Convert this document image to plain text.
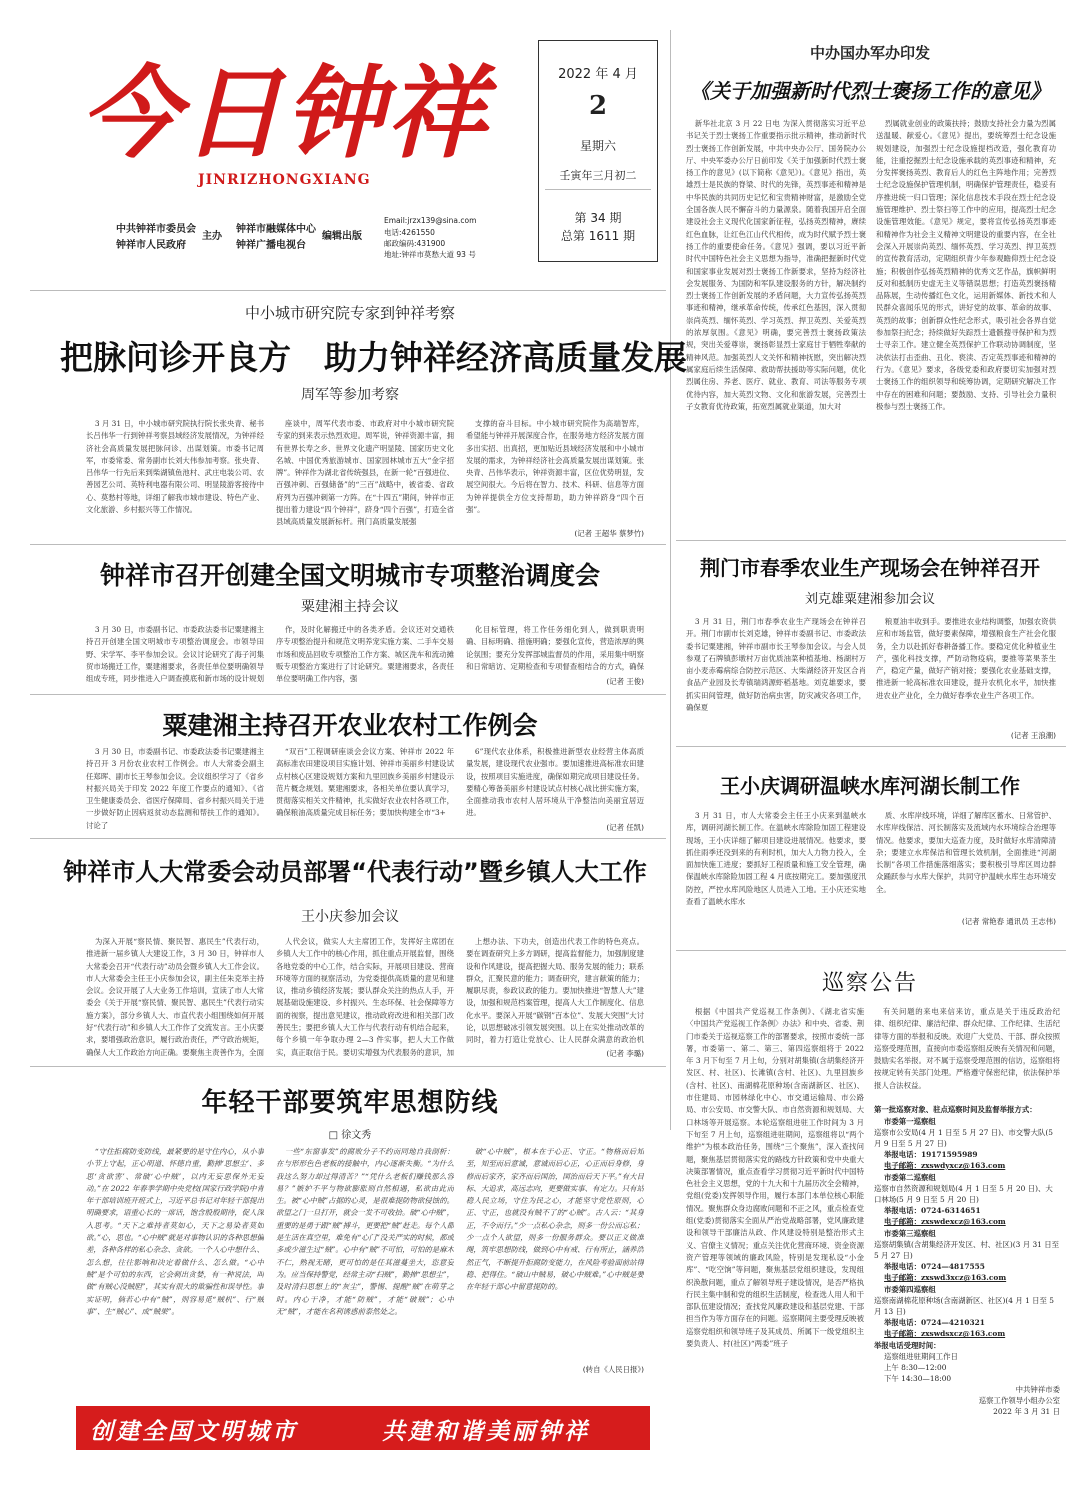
今日钟祥
JINRIZHONGXIANG
中共钟祥市委员会
钟祥市人民政府
主办
钟祥市融媒体中心
钟祥广播电视台
编辑出版
Email:jrzx139@sina.com
电话:4261550
邮政编码:431900
地址:钟祥市莫愁大道 93 号
2022 年 4 月
2
星期六
壬寅年三月初二
第 34 期
总第 1611 期
中办国办军办印发
《关于加强新时代烈士褒扬工作的意见》
新华社北京 3 月 22 日电 为深入贯彻落实习近平总书记关于烈士褒扬工作重要指示批示精神，推动新时代烈士褒扬工作创新发展，中共中央办公厅、国务院办公厅、中央军委办公厅日前印发《关于加强新时代烈士褒扬工作的意见》(以下简称《意见》)。《意见》指出，英雄烈士是民族的脊梁、时代的先锋，英烈事迹和精神是中华民族的共同历史记忆和宝贵精神财富，是激励全党全国各族人民不懈奋斗的力量源泉。随着我国开启全面建设社会主义现代化国家新征程，弘扬英烈精神，赓续红色血脉，让红色江山代代相传，成为时代赋予烈士褒扬工作的重要使命任务。《意见》强调，要以习近平新时代中国特色社会主义思想为指导，准确把握新时代党和国家事业发展对烈士褒扬工作新要求，坚持为经济社会发展服务、为国防和军队建设服务的方针，解决制约烈士褒扬工作创新发展的矛盾问题，大力宣传弘扬英烈事迹和精神，继承革命传统，传承红色基因，深入贯彻崇尚英烈、缅怀英烈、学习英烈、捍卫英烈、关爱英烈的浓厚氛围。《意见》明确，要完善烈士褒扬政策法规，突出关爱尊崇，褒扬彰显烈士家庭甘于牺牲奉献的精神风范。加强英烈人文关怀和精神抚慰，突出解决烈属家庭后续生活保障、救助帮扶援助等实际问题，优化烈属住房、养老、医疗、就业、教育、司法等服务专项优待内容，加大英烈文物、文化和旅游发展，完善烈士子女教育优待政策，拓宽烈属就业渠道，加大对
烈属就业创业的政策扶持；鼓励支持社会力量为烈属送温暖、献爱心。《意见》提出，要统筹烈士纪念设施规划建设，加强烈士纪念设施提档改造，强化教育功能，注重挖掘烈士纪念设施承载的英烈事迹和精神，充分发挥褒扬英烈、教育后人的红色主阵地作用；完善烈士纪念设施保护管理机制，明确保护管理责任，稳妥有序推进统一归口管理；深化信息技术手段在烈士纪念设施管理维护、烈士祭扫等工作中的应用，提高烈士纪念设施管理效能。《意见》规定，要将宣传弘扬英烈事迹和精神作为社会主义精神文明建设的重要内容，在全社会深入开展崇尚英烈、缅怀英烈、学习英烈、捍卫英烈的宣传教育活动，定期组织青少年参观瞻仰烈士纪念设施；积极创作弘扬英烈精神的优秀文艺作品，旗帜鲜明反对和抵制历史虚无主义等错误思想；打造英烈褒扬精品陈展，生动传播红色文化，运用新媒体、新技术和人民群众喜闻乐见的形式，讲好党的故事、革命的故事、英烈的故事；创新群众性纪念形式，吸引社会各界自觉参加祭扫纪念；持续做好失踪烈士遗骸搜寻保护和为烈士寻亲工作。建立健全英烈保护工作联动协调制度，坚决依法打击歪曲、丑化、亵渎、否定英烈事迹和精神的行为。《意见》要求，各级党委和政府要切实加强对烈士褒扬工作的组织领导和统筹协调，定期研究解决工作中存在的困难和问题；要鼓励、支持、引导社会力量积极参与烈士褒扬工作。
中小城市研究院专家到钟祥考察
把脉问诊开良方　助力钟祥经济高质量发展
周军等参加考察
3 月 31 日，中小城市研究院执行院长张央青、秘书长吕伟华一行到钟祥考察县域经济发展情况，为钟祥经济社会高质量发展把脉问诊、出谋划策。市委书记周军，市委常委、常务副市长刘大伟参加考察。张央青、吕伟华一行先后来到柴湖镇鱼池村、武庄电装公司、农善园艺公司、英特利电器有限公司、明显陵游客接待中心、莫愁村等地，详细了解我市城市建设、特色产业、文化旅游、乡村振兴等工作情况。
座谈中，周军代表市委、市政府对中小城市研究院专家的到来表示热烈欢迎。周军说，钟祥资源丰富，拥有世界长寿之乡、世界文化遗产明显陵、国家历史文化名城、中国优秀旅游城市、国家园林城市五大“金字招牌”。钟祥作为湖北省传统强县，在新一轮“百强进位、百强冲刺、百强储备”的“三百”战略中，被省委、省政府列为百强冲刺第一方阵。在“十四五”期间，钟祥市正提出着力建设“四个钟祥”，跻身“四个百强”，打造全省县域高质量发展新标杆。荆门高质量发展强
支撑的奋斗目标。中小城市研究院作为高端智库，希望能与钟祥开展深度合作，在服务地方经济发展方面多出实招、出真招，更加贴近县域经济发展和中小城市发展的需求，为钟祥经济社会高质量发展出谋划策。张央青、吕伟华表示，钟祥资源丰富，区位优势明显，发展空间很大。今后将在智力、技术、科研、信息等方面为钟祥提供全方位支持帮助，助力钟祥跻身“四个百强”。
(记者 王超华 蔡梦竹)
钟祥市召开创建全国文明城市专项整治调度会
粟建湘主持会议
3 月 30 日，市委副书记、市委政法委书记粟建湘主持召开创建全国文明城市专项整治调度会。市领导田野、宋学军、李平参加会议。会议讨论研究了海子河集贸市场搬迁工作，粟建湘要求，各责任单位要明确领导组成专班，同步推进入户调查摸底和新市场的设计规划
作，及时化解搬迁中的各类矛盾。会议还对交通秩序专项整治提升和规范文明养宠实施方案、二手车交易市场和废品回收专项整治工作方案、城区洗车和流动摊贩专项整治方案进行了讨论研究。粟建湘要求，各责任单位要明确工作内容，强
化目标管理，将工作任务细化到人，做到职责明确、目标明确、措施明确；要强化宣传，营造浓厚的舆论氛围；要充分发挥部城监督员的作用，采用集中明察和日常暗访、定期检查和专项督查相结合的方式，确保
(记者 王俊)
粟建湘主持召开农业农村工作例会
3 月 30 日，市委副书记、市委政法委书记粟建湘主持召开 3 月份农业农村工作例会。市人大常委会副主任郑晖、副市长王琴参加会议。会议组织学习了《省乡村振兴局关于印发 2022 年度工作要点的通知》、《省卫生健康委员会、省医疗保障局、省乡村振兴局关于进一步做好防止因病返贫动态监测和帮扶工作的通知》。讨论了
“双百”工程调研座谈会会议方案、钟祥市 2022 年高标准农田建设项目实施计划、钟祥市美丽乡村建设试点村核心区建设规划方案和九里回族乡美丽乡村建设示范片概念规划。粟建湘要求，各相关单位要认真学习，贯彻落实相关文件精神，扎实做好农业农村各项工作，确保粮油高质量完成目标任务；要加快构建全市“3+
6”现代农业体系，积极推进新型农业经营主体高质量发展，建设现代农业强市。要加速推进高标准农田建设，按照项目实施进度，确保如期完成项目建设任务。要精心筹备美丽乡村建设试点村核心战比拼实施方案，全面推动我市农村人居环境从干净整洁向美丽宜居迈进。
(记者 任凯)
钟祥市人大常委会动员部署“代表行动”暨乡镇人大工作
王小庆参加会议
为深入开展“察民情、聚民智、惠民生”代表行动，推进新一届乡镇人大建设工作，3 月 30 日，钟祥市人大常委会召开“代表行动”动员会暨乡镇人大工作会议。市人大常委会主任王小庆参加会议，副主任朱克举主持会议。会议开展了人大业务工作培训，宣读了市人大常委会《关于开展“察民情、聚民智、惠民生”代表行动实施方案》，部分乡镇人大、市直代表小组围绕如何开展好“代表行动”和乡镇人大工作作了交流发言。王小庆要求，要增强政治意识，履行政治责任，严守政治规矩，确保人大工作政治方向正确。要聚焦主责善作为，全面
人代会议，做实人大主席团工作，发挥好主席团在乡镇人大工作中的核心作用，抓住重点开展监督，围绕各地党委的中心工作，结合实际，开展项目建设、营商环境等方面的视察活动，为党委提供高质量的意见和建议，推动乡镇经济发展；要认群众关注的热点人手，开展基础设施建设、乡村振兴、生态环保、社会保障等方面的视察，提出意见建议，推动政府改进和相关部门改善民生；要把乡镇人大工作与代表行动有机结合起来，每个乡镇一年争取办理 2—3 件实事，把人大工作做实，真正取信于民。要切实增强为代表服务的意识，加
上想办法、下功夫，创造出代表工作的特色亮点。要在调查研究上多方调研，提高监督能力，加强制度建设和作风建设，提高把握大局、服务发展的能力；联系群众，汇聚民意的能力；调查研究，建言献策的能力；履职尽责，参政议政的能力。要加快推进“智慧人大”建设，加强和规范档案管理，提高人大工作制度化、信息化水平。要深入开展“碳钢”百本位”、发展大突围”大讨论，以思想破冰引领发展突围。以上在实处推动改革的同时，着力打造让党放心、让人民群众满意的政治机
(记者 李璐)
年轻干部要筑牢思想防线
□ 徐文秀
“守住拒腐防变防线，最紧要的是守住内心，从小事小节上守起，正心明道、怀德自重，勤掸‘思想尘’、多思‘贪欲害’、常破‘心中贼’，以内无妄思保外无妄动。”在 2022 年春季学期中央党校(国家行政学院)中青年干部培训班开班式上，习近平总书记对年轻干部提出明确要求，语重心长的一席话，饱含殷殷期待，促人深入思考。“天下之难持者莫如心，天下之易染者莫如欲。”心，思也。“心中贼”就是对事物认识的各种思想偏差，各种各样的私心杂念、贪欲。一个人心中想什么、怎么想，往往影响和决定着做什么、怎么做。“心中贼”是个可怕的东西，它会刺出贪婪，有一种说法，叫做“有贼心没贼胆”，其实有很大的欺骗性和误导性。事实证明，倘若心中有“贼”，则容易觅“贼机”、行“贼事”、生“贼心”、成“贼果”。
一些“东窗事发”的腐败分子不约而同地自我剖析：在与形形色色老板的接触中，内心逐渐失衡。“为什么我这么努力却过得清苦？”“凭什么老板们赚钱那么容易？”嫉妒不平与物欲膨胀则自然相遇，私欲由此而生。被“心中贼”占据的心灵，是很难提防物欲侵蚀的。欲望之门一旦打开，就会一发不可收拾。破“心中贼”，重要的是勇于跟“贼”搏斗，更要把“贼”赶走。每个人都是生活在真空里，难免有“心门”没关严实的时候，都或多或少滋生过“贼”。心中有“贼”不可怕，可怕的是麻木不仁，熟视无睹，更可怕的是任其滋蔓坐大，恣意妄为。应当保持警觉，经常主动“扫贼”，勤掸“思想尘”，及时清扫思想上的“灰尘”，警惕、提醒“贼”在萌芽之时。内心干净，才能“防贼”，才能“破贼”；心中无“贼”，才能在名利诱惑前泰然处之。
破“心中贼”，根本在于心正、守正。“物格而后知至，知至而后意诚，意诚而后心正，心正而后身修，身修而后家齐，家齐而后国治，国治而后天下平。”有大目标、大追求，高远志向，更要做实事、有定力。只有站稳人民立场，守住为民之心，才能坚守党性原则，心正、守正，也就没有贼不了的“心贼”。古人云：“其身正，不令而行。”少一点私心杂念，则多一份公而忘私；少一点个人欲望，则多一份服务群众。要以正义做准绳，筑牢思想防线，做到心中有戒、行有所止，涵养浩然正气，不断提升拒腐防变能力，在风险考验面前站得稳、把得住。“破山中贼易，破心中贼难。”心中贼是要在年轻干部心中留意提防的。
(转自《人民日报》)
荆门市春季农业生产现场会在钟祥召开
刘克雄粟建湘参加会议
3 月 31 日，荆门市春季农业生产现场会在钟祥召开。荆门市副市长刘克雄，钟祥市委副书记、市委政法委书记粟建湘，钟祥市副市长王琴参加会议。与会人员参观了石牌镇彭墩村万亩优质油菜种植基地、杨湖村万亩小麦赤霉病综合防控示范区、大柴湖经济开发区合肖食品产业园及长寿镇瑞鸿源虾稻基地。刘克雄要求，要抓实田间管理，做好防治病虫害，防灾减灾各项工作，确保夏
粮夏油丰收到手。要推进农业结构调整，加强农资供应和市场监管，做好要素保障，增强粮食生产社会化服务，全力以赴抓好春耕备播工作。要稳定优化种植业生产，强化科技支撑，严防动物疫病，要推等菜果茶生产，稳定产量，做好产销对接；要强化农业基础支撑，推进新一轮高标准农田建设，提升农机化水平，加快推进农业产业化，全力做好春季农业生产各项工作。
(记者 王浪潮)
王小庆调研温峡水库河湖长制工作
3 月 31 日，市人大常委会主任王小庆来到温峡水库，调研河湖长制工作。在温峡水库除险加固工程建设现场，王小庆详细了解项目建设进展情况。他要求，要抓住雨季还没到来的有利时机，加大人力物力投入，全面加快施工进度；要抓好工程质量和施工安全管理，确保温峡水库除险加固工程 4 月底按期完工。要加强度汛防控，严控水库风险地区人员进入工地。王小庆还实地查看了温峡水库水
质、水库岸线环境，详细了解库区蓄水、日常管护、水库岸线保洁、河长制落实及流域内水环境综合治理等情况。他要求，要加大巡查力度，及时做好水库清障清杂；要建立水库保洁和管理长效机制，全面推进“河湖长制”各项工作措施落细落实；要积极引导库区周边群众踊跃参与水库大保护，共同守护温峡水库生态环境安全。
(记者 常艳春 通讯员 王志伟)
巡察公告
根据《中国共产党巡视工作条例》、《湖北省实施〈中国共产党巡视工作条例〉办法》和中央、省委、荆门市委关于巡视巡察工作的部署要求，按照市委统一部署，市委第一、第二、第三、第四巡察组将于 2022 年 3 月下旬至 7 月上旬，分别对胡集镇(含胡集经济开发区、村、社区)、长滩镇(含村、社区)、九里回族乡(含村、社区)、南湖棉花原种场(含南湖新区、社区)、市住建局、市园林绿化中心、市交通运输局、市公路局、市公安局、市交警大队、市自然资源和规划局、大口林场等开展巡察。本轮巡察组进驻工作时间为 3 月下旬至 7 月上旬，巡察组进驻期间，巡察组将以“两个维护”为根本政治任务，围绕“三个聚焦”，深入查找问题，聚焦基层贯彻落实党的路线方针政策和党中央重大决策部署情况，重点查看学习贯彻习近平新时代中国特色社会主义思想，党的十九大和十九届历次全会精神，党组(党委)发挥领导作用，履行本部门本单位核心职能情况。聚焦群众身边腐败问题和不正之风，重点检查党组(党委)贯彻落实全面从严治党战略部署，党风廉政建设和领导干部廉洁从政、作风建设特别是整治形式主义、官僚主义情况；重点关注优化营商环境、资金资源资产管理等领域的廉政风险，特别是发现私设“小金库”、“吃空饷”等问题，聚焦基层党组织建设，发现组织涣散问题，重点了解领导班子建设情况，是否严格执行民主集中制和党的组织生活制度，检查选人用人和干部队伍建设情况；查找党风廉政建设和基层党建、干部担当作为等方面存在的问题。巡察期间主要受理反映被巡察党组织和领导班子及其成员、所属下一级党组织主要负责人、村(社区)“两委”班子
有关问题的来电来信来访，重点是关于违反政治纪律、组织纪律、廉洁纪律、群众纪律、工作纪律、生活纪律等方面的举报和反映。欢迎广大党员、干部、群众按照巡察受理范围，直接向市委巡察组反映有关情况和问题，鼓励实名举报。对不属于巡察受理范围的信访，巡察组将按规定转有关部门处理。严格遵守保密纪律，依法保护举报人合法权益。
第一批巡察对象、驻点巡察时间及监督举报方式：
市委第一巡察组
巡察市公安局(4 月 1 日至 5 月 27 日)、市交警大队(5 月 9 日至 5 月 27 日)
举报电话：19171595989
电子邮箱：zxswdyxcz@163.com
市委第二巡察组
巡察市自然资源和规划局(4 月 1 日至 5 月 20 日)、大口林场(5 月 9 日至 5 月 20 日)
举报电话：0724-6314651
电子邮箱：zxswdexcz@163.com
市委第三巡察组
巡察胡集镇(含胡集经济开发区、村、社区)(3 月 31 日至 5 月 27 日)
举报电话：0724—4817555
电子邮箱：zxswd3xcz@163.com
市委第四巡察组
巡察南湖棉花原种场(含南湖新区、社区)(4 月 1 日至 5 月 13 日)
举报电话：0724—4210321
电子邮箱：zxswdsxcz@163.com
举报电话受理时间：
巡察组进驻期间工作日
上午 8:30—12:00
下午 14:30—18:00
中共钟祥市委
巡察工作领导小组办公室
2022 年 3 月 31 日
创建全国文明城市	共建和谐美丽钟祥
